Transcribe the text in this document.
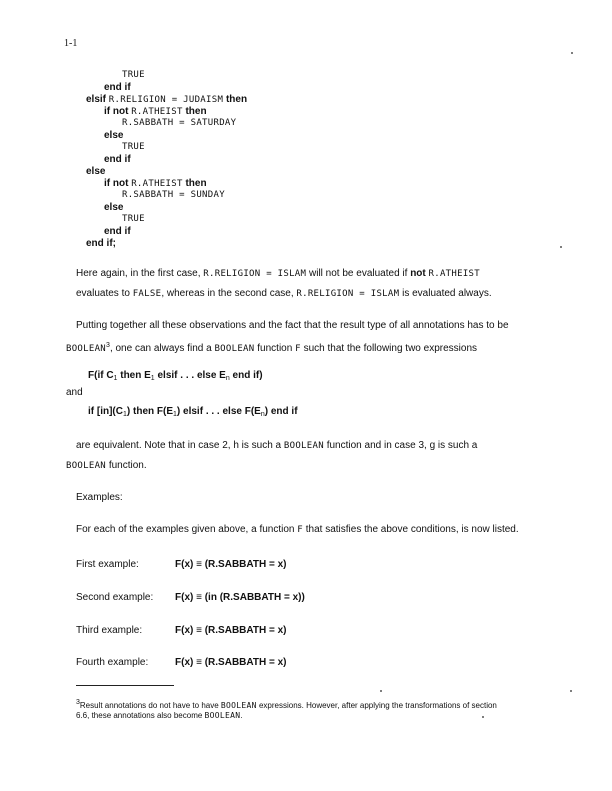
1-1
TRUE
end if
elsif R.RELIGION = JUDAISM then
if not R.ATHEIST then
R.SABBATH = SATURDAY
else
TRUE
end if
else
if not R.ATHEIST then
R.SABBATH = SUNDAY
else
TRUE
end if
end if;
Here again, in the first case, R.RELIGION = ISLAM will not be evaluated if not R.ATHEIST
evaluates to FALSE, whereas in the second case, R.RELIGION = ISLAM is evaluated always.
Putting together all these observations and the fact that the result type of all annotations has to be
BOOLEAN$^3$, one can always find a BOOLEAN function F such that the following two expressions
F(if $C_1$ then $E_1$ elsif . . . else $E_n$ end if)
and
if $[in](C_1)$ then $F(E_1)$ elsif . . . else $F(E_n)$ end if
are equivalent. Note that in case 2, h is such a BOOLEAN function and in case 3, g is such a
BOOLEAN function.
Examples:
For each of the examples given above, a function F that satisfies the above conditions, is now listed.
First example:	F(x) ≡ (R.SABBATH = x)
Second example: F(x) ≡ (in (R.SABBATH = x))
Third example:	F(x) ≡ (R.SABBATH = x)
Fourth example:	F(x) ≡ (R.SABBATH = x)
$^3$Result annotations do not have to have BOOLEAN expressions. However, after applying the transformations of section
6.6, these annotations also become BOOLEAN.
